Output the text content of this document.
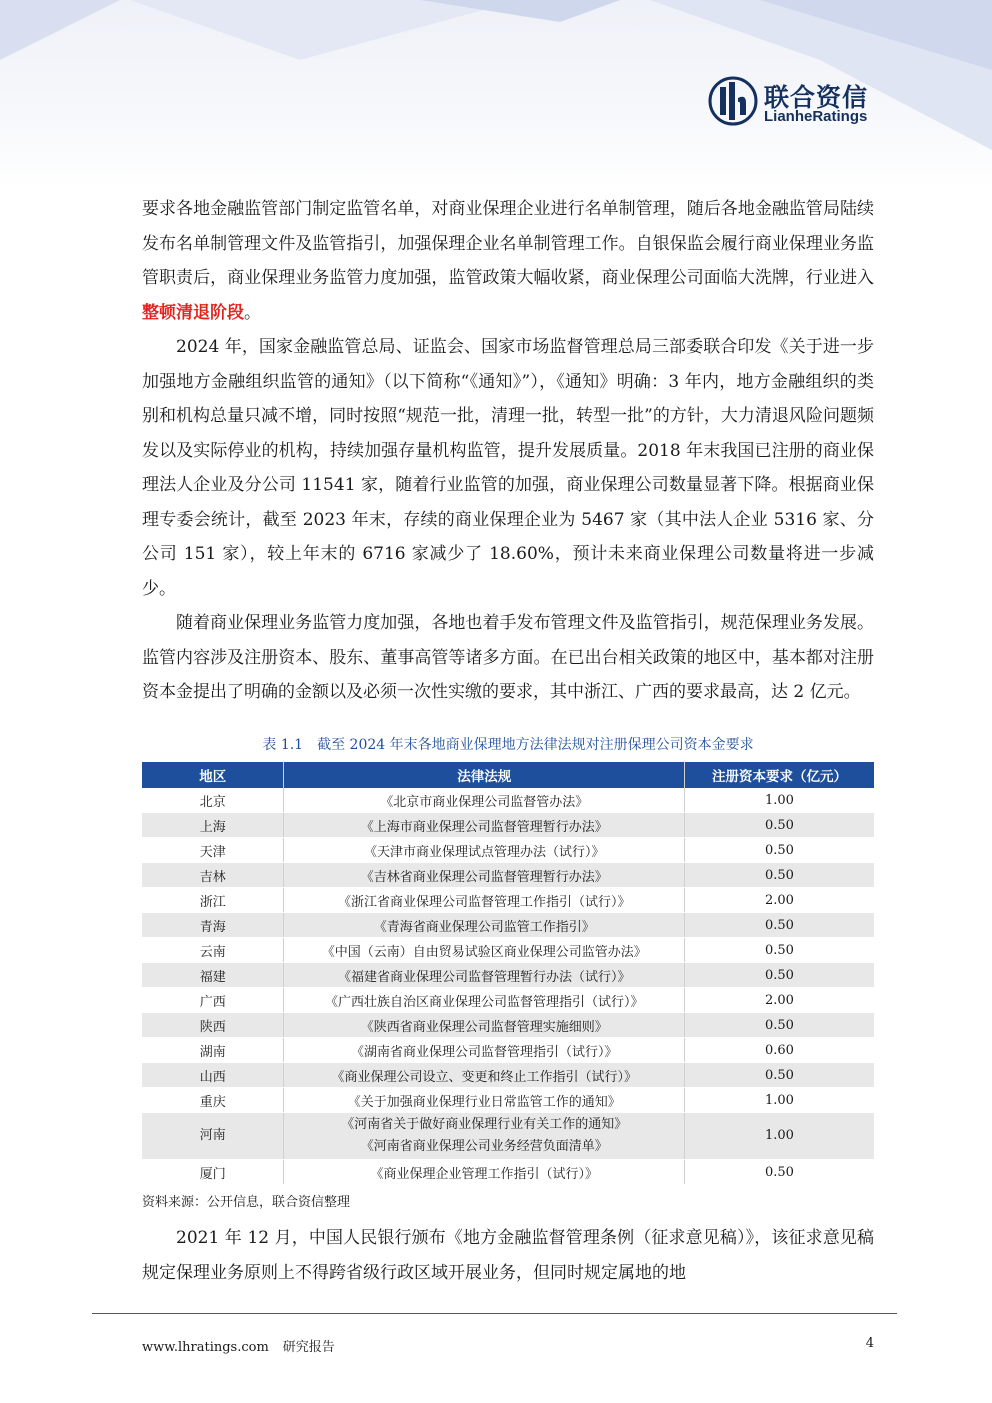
联合资信
LianheRatings

要求各地金融监管部门制定监管名单，对商业保理企业进行名单制管理，随后各地金融监管局陆续发布名单制管理文件及监管指引，加强保理企业名单制管理工作。自银保监会履行商业保理业务监管职责后，商业保理业务监管力度加强，监管政策大幅收紧，商业保理公司面临大洗牌，行业进入整顿清退阶段。

2024 年，国家金融监管总局、证监会、国家市场监督管理总局三部委联合印发《关于进一步加强地方金融组织监管的通知》（以下简称“《通知》”），《通知》明确：3 年内，地方金融组织的类别和机构总量只减不增，同时按照“规范一批，清理一批，转型一批”的方针，大力清退风险问题频发以及实际停业的机构，持续加强存量机构监管，提升发展质量。2018 年末我国已注册的商业保理法人企业及分公司 11541 家，随着行业监管的加强，商业保理公司数量显著下降。根据商业保理专委会统计，截至 2023 年末，存续的商业保理企业为 5467 家（其中法人企业 5316 家、分公司 151 家），较上年末的 6716 家减少了 18.60%，预计未来商业保理公司数量将进一步减少。

随着商业保理业务监管力度加强，各地也着手发布管理文件及监管指引，规范保理业务发展。监管内容涉及注册资本、股东、董事高管等诸多方面。在已出台相关政策的地区中，基本都对注册资本金提出了明确的金额以及必须一次性实缴的要求，其中浙江、广西的要求最高，达 2 亿元。

表 1.1　截至 2024 年末各地商业保理地方法律法规对注册保理公司资本金要求
地区	法律法规	注册资本要求（亿元）
北京	《北京市商业保理公司监督管办法》	1.00
上海	《上海市商业保理公司监督管理暂行办法》	0.50
天津	《天津市商业保理试点管理办法（试行）》	0.50
吉林	《吉林省商业保理公司监督管理暂行办法》	0.50
浙江	《浙江省商业保理公司监督管理工作指引（试行）》	2.00
青海	《青海省商业保理公司监管工作指引》	0.50
云南	《中国（云南）自由贸易试验区商业保理公司监管办法》	0.50
福建	《福建省商业保理公司监督管理暂行办法（试行）》	0.50
广西	《广西壮族自治区商业保理公司监督管理指引（试行）》	2.00
陕西	《陕西省商业保理公司监督管理实施细则》	0.50
湖南	《湖南省商业保理公司监督管理指引（试行）》	0.60
山西	《商业保理公司设立、变更和终止工作指引（试行）》	0.50
重庆	《关于加强商业保理行业日常监管工作的通知》	1.00
河南	《河南省关于做好商业保理行业有关工作的通知》
《河南省商业保理公司业务经营负面清单》	1.00
厦门	《商业保理企业管理工作指引（试行）》	0.50
资料来源：公开信息，联合资信整理

2021 年 12 月，中国人民银行颁布《地方金融监督管理条例（征求意见稿）》，该征求意见稿规定保理业务原则上不得跨省级行政区域开展业务，但同时规定属地的地

www.lhratings.com 研究报告	4
